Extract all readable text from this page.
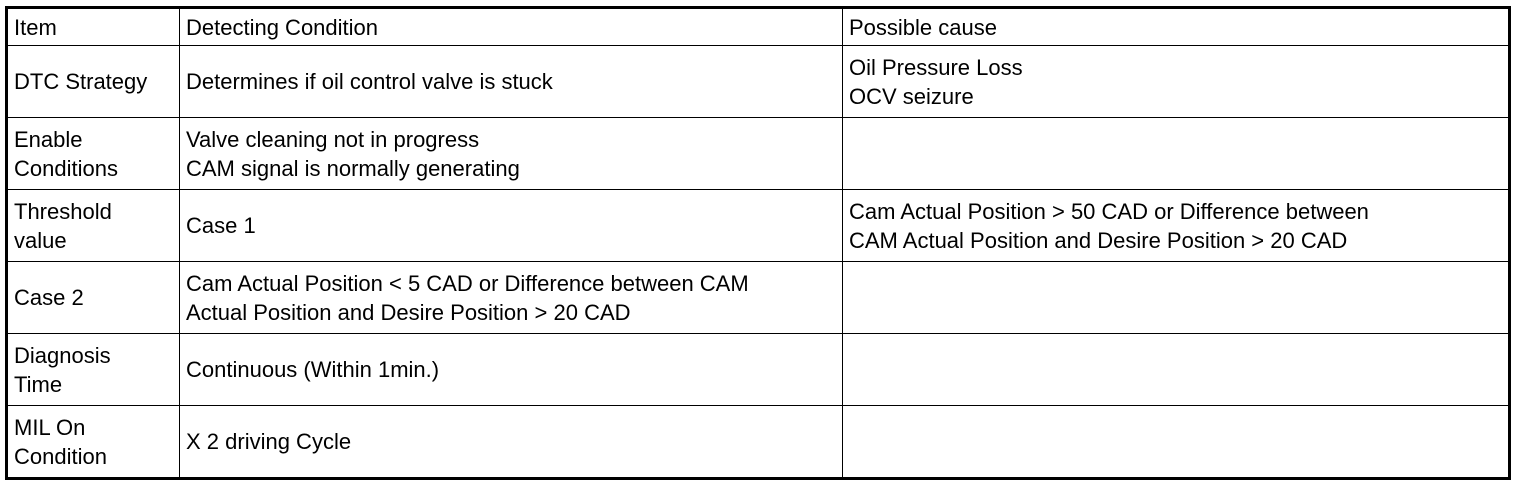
Item	Detecting Condition	Possible cause

DTC Strategy	Determines if oil control valve is stuck	Oil Pressure Loss
OCV seizure

Enable
Conditions	Valve cleaning not in progress
CAM signal is normally generating	

Threshold
value	Case 1	Cam Actual Position > 50 CAD or Difference between
CAM Actual Position and Desire Position > 20 CAD

Case 2	Cam Actual Position < 5 CAD or Difference between CAM
Actual Position and Desire Position > 20 CAD	

Diagnosis
Time	Continuous (Within 1min.)	

MIL On
Condition	X 2 driving Cycle	
